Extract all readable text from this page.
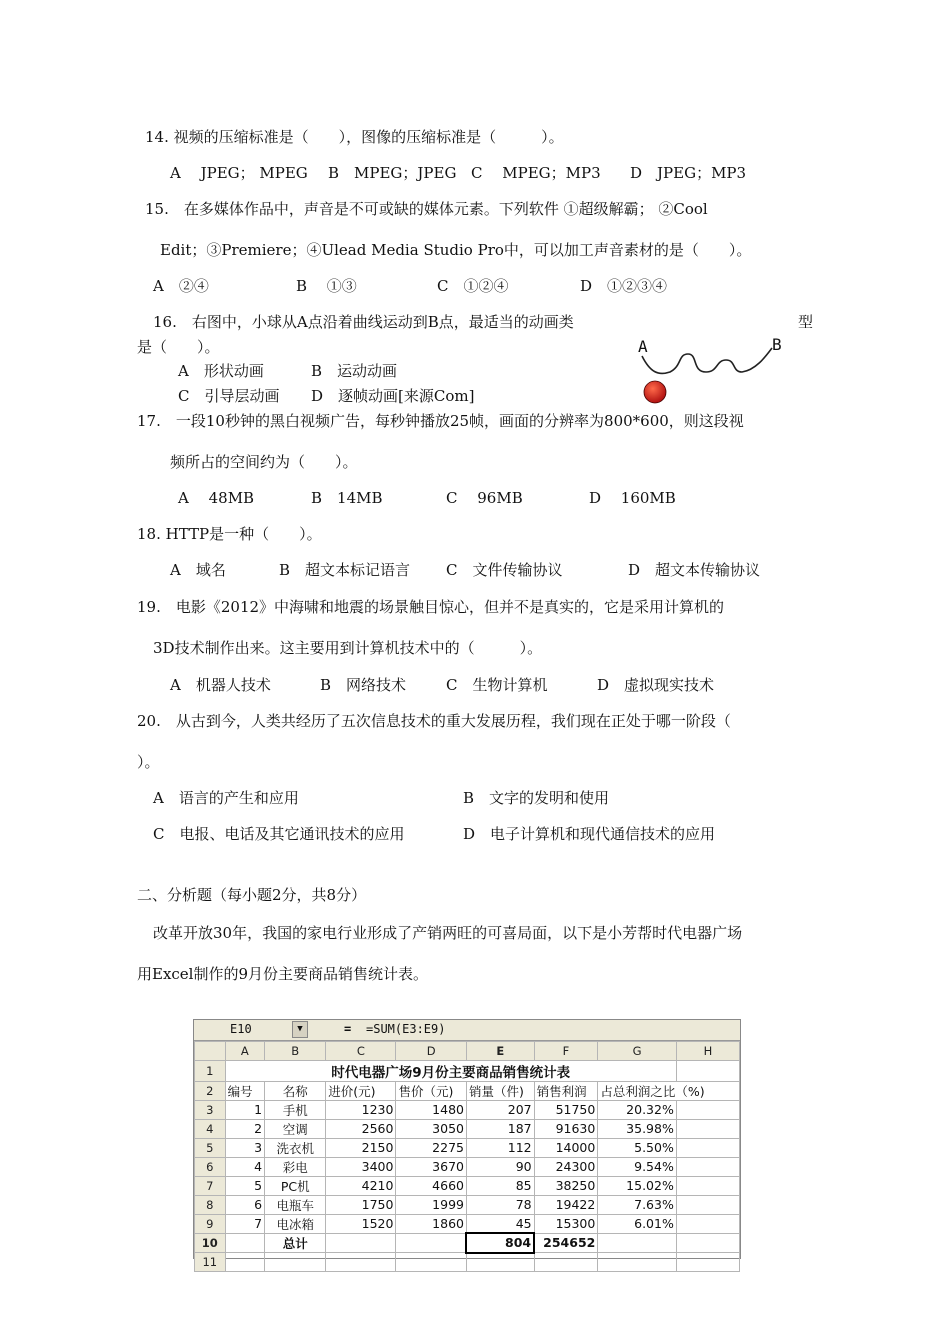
14. 视频的压缩标准是（　　），图像的压缩标准是（　　　）。
A　 JPEG； MPEG B　MPEG；JPEG C　 MPEG；MP3 D　JPEG；MP3
15.　在多媒体作品中，声音是不可或缺的媒体元素。下列软件 ①超级解霸； ②Cool
Edit；③Premiere；④Ulead Media Studio Pro中，可以加工声音素材的是（　　）。
A　②④	B　 ①③	C　①②④	D　①②③④
16.　右图中，小球从A点沿着曲线运动到B点，最适当的动画类	型
是（　　）。
A　形状动画	B　运动动画
C　引导层动画 D　逐帧动画[来源Com]
A	B
17.　一段10秒钟的黑白视频广告，每秒钟播放25帧，画面的分辨率为800*600，则这段视
频所占的空间约为（　　）。
A　 48MB	B　14MB	C　 96MB	D　 160MB
18. HTTP是一种（　　）。
A　域名	B　超文本标记语言 C　文件传输协议	D　超文本传输协议
19.　电影《2012》中海啸和地震的场景触目惊心，但并不是真实的，它是采用计算机的
3D技术制作出来。这主要用到计算机技术中的（　　　）。
A　机器人技术	B　网络技术	C　生物计算机	D　虚拟现实技术
20.　从古到今，人类共经历了五次信息技术的重大发展历程，我们现在正处于哪一阶段（
）。
A　语言的产生和应用	B　文字的发明和使用
C　电报、电话及其它通讯技术的应用	D　电子计算机和现代通信技术的应用
二、分析题（每小题2分，共8分）
改革开放30年，我国的家电行业形成了产销两旺的可喜局面，以下是小芳帮时代电器广场
用Excel制作的9月份主要商品销售统计表。
E10	▼	= =SUM(E3:E9)
	A	B	C	D	E	F	G	H
1	时代电器广场9月份主要商品销售统计表							
2	编号	名称	进价(元)	售价（元)	销量（件)	销售利润	占总利润之比（%)	
3	1	手机	1230	1480	207	51750	20.32%	
4	2	空调	2560	3050	187	91630	35.98%	
5	3	洗衣机	2150	2275	112	14000	5.50%	
6	4	彩电	3400	3670	90	24300	9.54%	
7	5	PC机	4210	4660	85	38250	15.02%	
8	6	电瓶车	1750	1999	78	19422	7.63%	
9	7	电冰箱	1520	1860	45	15300	6.01%	
10		总计			804	254652		
11								
